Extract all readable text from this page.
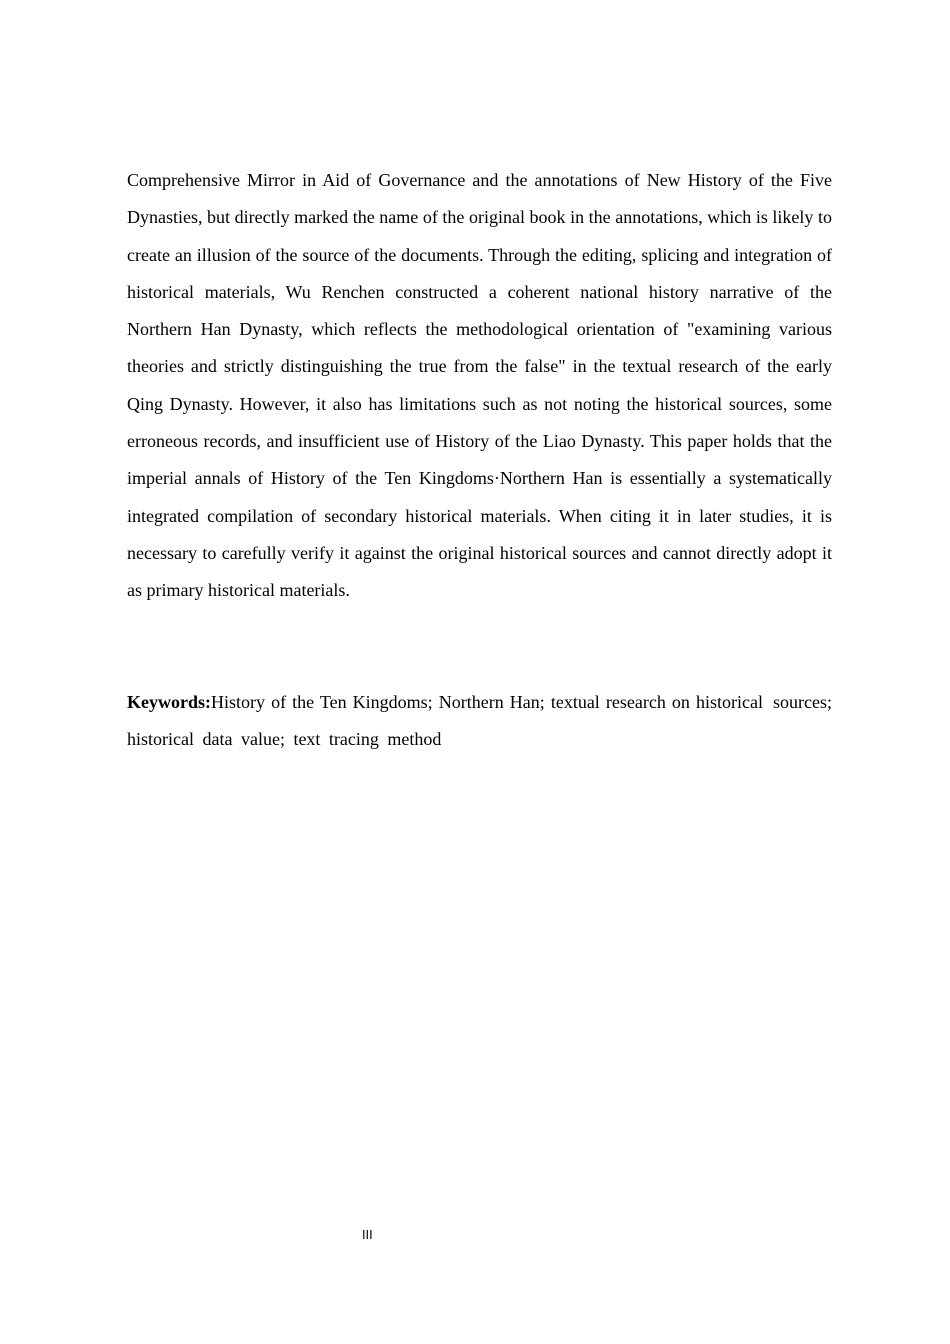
Comprehensive Mirror in Aid of Governance and the annotations of New History of the Five Dynasties, but directly marked the name of the original book in the annotations, which is likely to create an illusion of the source of the documents. Through the editing, splicing and integration of historical materials, Wu Renchen constructed a coherent national history narrative of the Northern Han Dynasty, which reflects the methodological orientation of "examining various theories and strictly distinguishing the true from the false" in the textual research of the early Qing Dynasty. However, it also has limitations such as not noting the historical sources, some erroneous records, and insufficient use of History of the Liao Dynasty. This paper holds that the imperial annals of History of the Ten Kingdoms·Northern Han is essentially a systematically integrated compilation of secondary historical materials. When citing it in later studies, it is necessary to carefully verify it against the original historical sources and cannot directly adopt it as primary historical materials.

Keywords:History of the Ten Kingdoms; Northern Han; textual research on historical sources; historical data value; text tracing method

III
